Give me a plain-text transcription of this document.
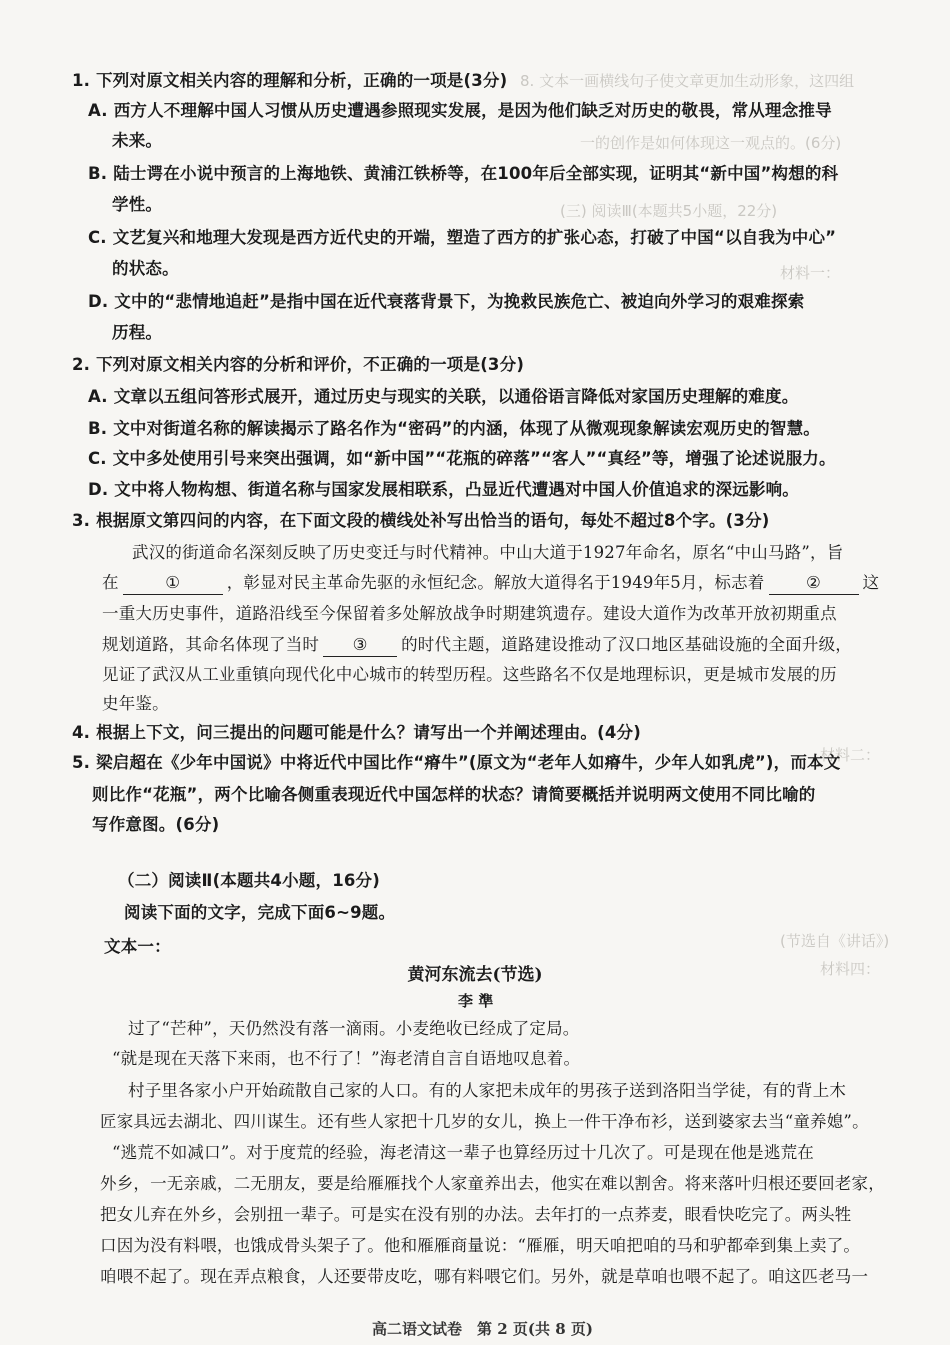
8. 文本一画横线句子使文章更加生动形象，这四组
一的创作是如何体现这一观点的。(6分)
(三) 阅读Ⅲ(本题共5小题，22分)
材料一：
材料二：
材料四：
(节选自《讲话》)
1. 下列对原文相关内容的理解和分析，正确的一项是(3分)
A. 西方人不理解中国人习惯从历史遭遇参照现实发展，是因为他们缺乏对历史的敬畏，常从理念推导
未来。
B. 陆士谔在小说中预言的上海地铁、黄浦江铁桥等，在100年后全部实现，证明其“新中国”构想的科
学性。
C. 文艺复兴和地理大发现是西方近代史的开端，塑造了西方的扩张心态，打破了中国“以自我为中心”
的状态。
D. 文中的“悲情地追赶”是指中国在近代衰落背景下，为挽救民族危亡、被迫向外学习的艰难探索
历程。
2. 下列对原文相关内容的分析和评价，不正确的一项是(3分)
A. 文章以五组问答形式展开，通过历史与现实的关联，以通俗语言降低对家国历史理解的难度。
B. 文中对街道名称的解读揭示了路名作为“密码”的内涵，体现了从微观现象解读宏观历史的智慧。
C. 文中多处使用引号来突出强调，如“新中国”“花瓶的碎落”“客人”“真经”等，增强了论述说服力。
D. 文中将人物构想、街道名称与国家发展相联系，凸显近代遭遇对中国人价值追求的深远影响。
3. 根据原文第四问的内容，在下面文段的横线处补写出恰当的语句，每处不超过8个字。(3分)
武汉的街道命名深刻反映了历史变迁与时代精神。中山大道于1927年命名，原名“中山马路”，旨
在	①	，彰显对民主革命先驱的永恒纪念。解放大道得名于1949年5月，标志着	②	这
一重大历史事件，道路沿线至今保留着多处解放战争时期建筑遗存。建设大道作为改革开放初期重点
规划道路，其命名体现了当时 ③ 的时代主题，道路建设推动了汉口地区基础设施的全面升级，
见证了武汉从工业重镇向现代化中心城市的转型历程。这些路名不仅是地理标识，更是城市发展的历
史年鉴。
4. 根据上下文，问三提出的问题可能是什么？请写出一个并阐述理由。(4分)
5. 梁启超在《少年中国说》中将近代中国比作“瘠牛”(原文为“老年人如瘠牛，少年人如乳虎”)，而本文
则比作“花瓶”，两个比喻各侧重表现近代中国怎样的状态？请简要概括并说明两文使用不同比喻的
写作意图。(6分)
（二）阅读Ⅱ(本题共4小题，16分)
阅读下面的文字，完成下面6~9题。
文本一：
黄河东流去(节选)
李 準
过了“芒种”，天仍然没有落一滴雨。小麦绝收已经成了定局。
“就是现在天落下来雨，也不行了！”海老清自言自语地叹息着。
村子里各家小户开始疏散自己家的人口。有的人家把未成年的男孩子送到洛阳当学徒，有的背上木
匠家具远去湖北、四川谋生。还有些人家把十几岁的女儿，换上一件干净布衫，送到婆家去当“童养媳”。
“逃荒不如减口”。对于度荒的经验，海老清这一辈子也算经历过十几次了。可是现在他是逃荒在
外乡，一无亲戚，二无朋友，要是给雁雁找个人家童养出去，他实在难以割舍。将来落叶归根还要回老家，
把女儿弃在外乡，会别扭一辈子。可是实在没有别的办法。去年打的一点荞麦，眼看快吃完了。两头牲
口因为没有料喂，也饿成骨头架子了。他和雁雁商量说：“雁雁，明天咱把咱的马和驴都牵到集上卖了。
咱喂不起了。现在弄点粮食，人还要带皮吃，哪有料喂它们。另外，就是草咱也喂不起了。咱这匹老马一
高二语文试卷　第 2 页(共 8 页)
